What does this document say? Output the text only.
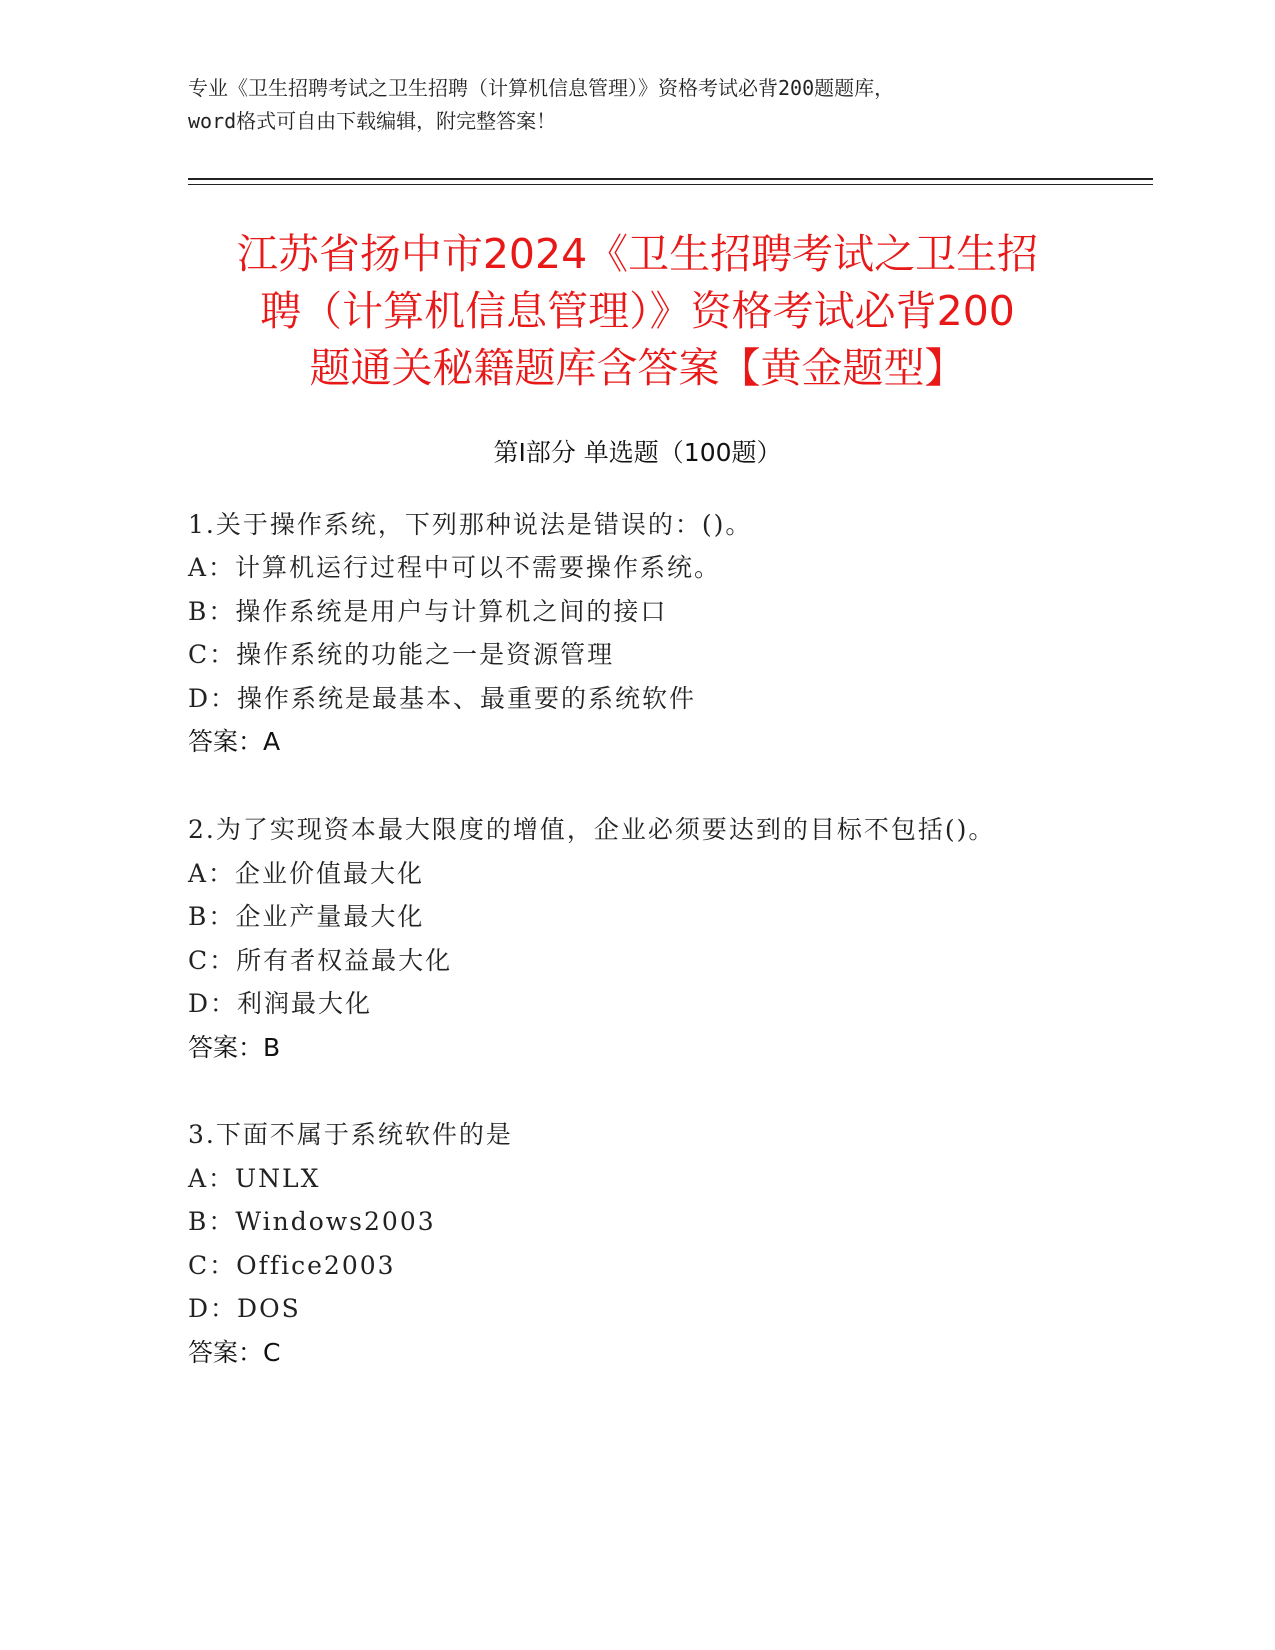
专业《卫生招聘考试之卫生招聘（计算机信息管理）》资格考试必背200题题库，
word格式可自由下载编辑，附完整答案！
江苏省扬中市2024《卫生招聘考试之卫生招
聘（计算机信息管理）》资格考试必背200
题通关秘籍题库含答案【黄金题型】
第Ⅰ部分 单选题（100题）
1.关于操作系统，下列那种说法是错误的：()。
A：计算机运行过程中可以不需要操作系统。
B：操作系统是用户与计算机之间的接口
C：操作系统的功能之一是资源管理
D：操作系统是最基本、最重要的系统软件
答案：A
2.为了实现资本最大限度的增值，企业必须要达到的目标不包括()。
A：企业价值最大化
B：企业产量最大化
C：所有者权益最大化
D：利润最大化
答案：B
3.下面不属于系统软件的是
A：UNLX
B：Windows2003
C：Office2003
D：DOS
答案：C
